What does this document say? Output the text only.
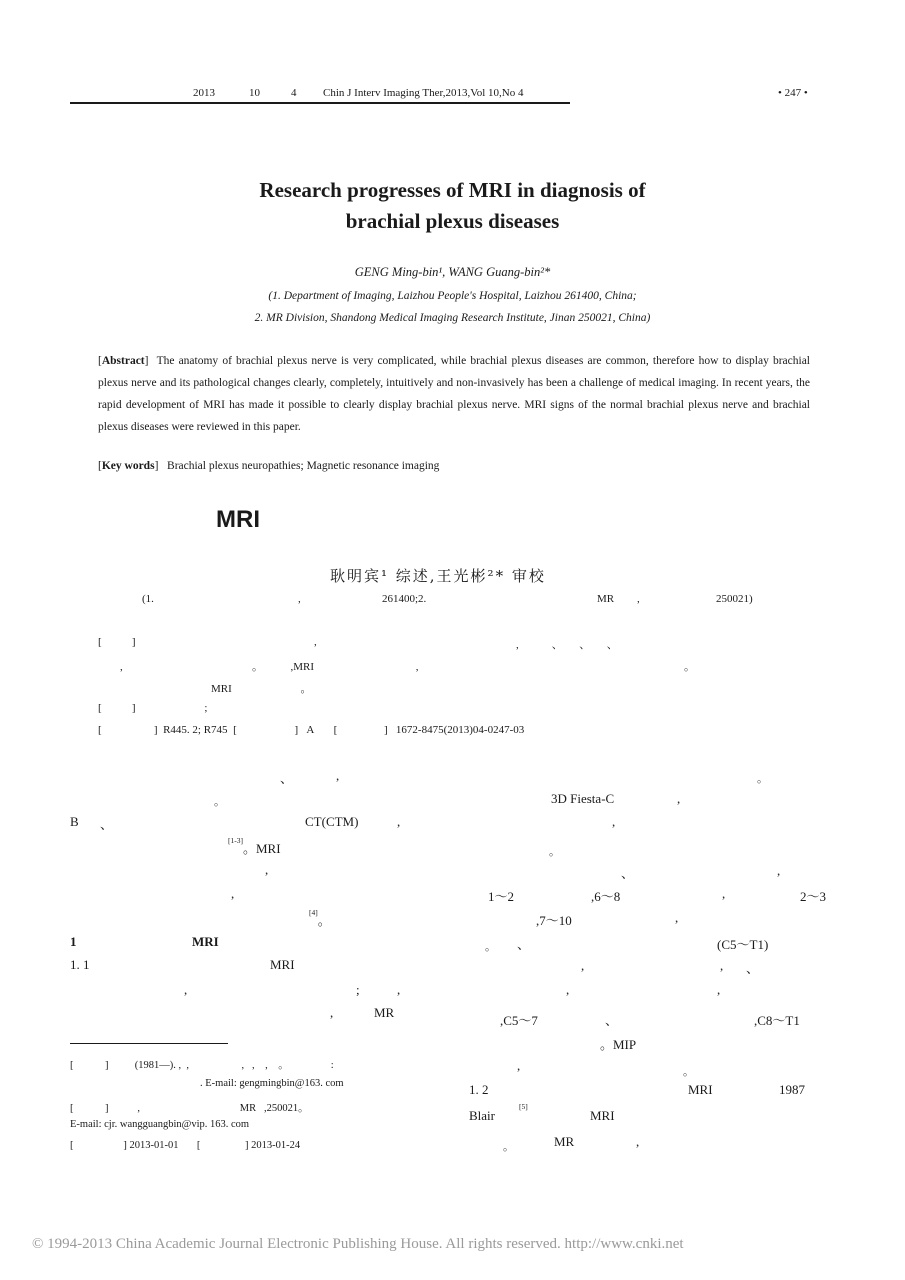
2013	10	4 Chin J Interv Imaging Ther,2013,Vol 10,No 4	• 247 •
Research progresses of MRI in diagnosis of
brachial plexus diseases
GENG Ming-bin¹, WANG Guang-bin²*
(1. Department of Imaging, Laizhou People's Hospital, Laizhou 261400, China;
2. MR Division, Shandong Medical Imaging Research Institute, Jinan 250021, China)
[Abstract] The anatomy of brachial plexus nerve is very complicated, while brachial plexus diseases are common, therefore how to display brachial plexus nerve and its pathological changes clearly, completely, intuitively and non-invasively has been a challenge of medical imaging. In recent years, the rapid development of MRI has made it possible to clearly display brachial plexus nerve. MRI signs of the normal brachial plexus nerve and brachial plexus diseases were reviewed in this paper.
[Key words] Brachial plexus neuropathies; Magnetic resonance imaging
MRI
耿明宾¹ 综述,王光彬²* 审校
(1.	,	261400;2.	MR ,	250021)
[           ]	,	,            、      、      、
,                                               。          ,MRI                                     ,	。
MRI                         。
[           ]                         ;
[                   ]  R445. 2; R745  [                     ]   A       [                 ]   1672-8475(2013)04-0247-03
、	,
。
B 、	CT(CTM)	,
[1-3]。MRI
,
,
[4]。
1	MRI
1. 1	MRI
,	;	,
,	MR
[            ]          (1981—). ,  ,                    ,   ,    ,    。                :
. E-mail: gengmingbin@163. com
[            ]           ,                                      MR ,250021。
E-mail: cjr. wangguangbin@vip. 163. com
[                   ] 2013-01-01       [                 ] 2013-01-24
。
3D Fiesta-C	,
,
。
、	,
1～2	,6～8	,	2～3
,7～10	,
。 、	(C5～T1)
,	, 、
,	,
,C5～7	、	,C8～T1
。MIP
,	。
1. 2	MRI	1987
Blair
[5]
MRI
。	MR	,
© 1994-2013 China Academic Journal Electronic Publishing House. All rights reserved. http://www.cnki.net
